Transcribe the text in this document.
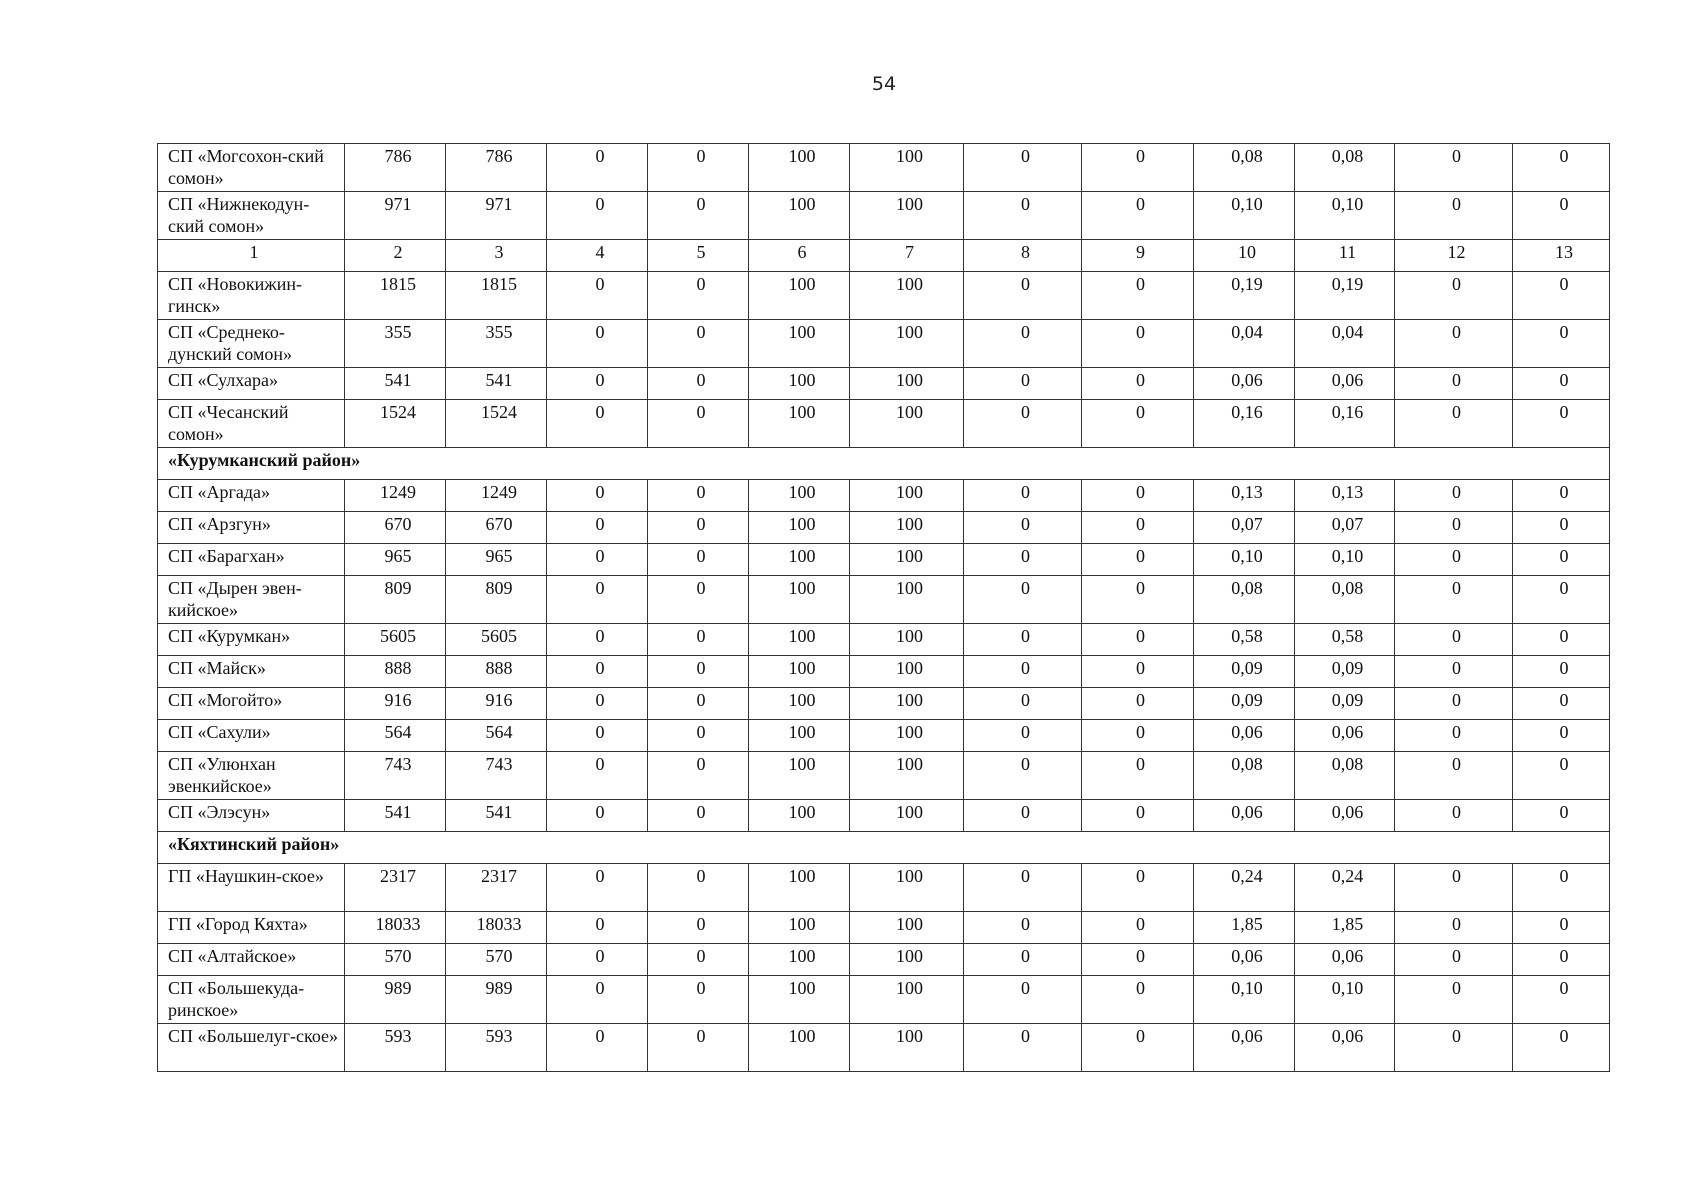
54
СП «Могсохон-ский сомон»	786	786	0	0	100	100	0	0	0,08	0,08	0	0
СП «Нижнекодун-ский сомон»	971	971	0	0	100	100	0	0	0,10	0,10	0	0
1	2	3	4	5	6	7	8	9	10	11	12	13
СП «Новокижин-гинск»	1815	1815	0	0	100	100	0	0	0,19	0,19	0	0
СП «Среднеко-дунский сомон»	355	355	0	0	100	100	0	0	0,04	0,04	0	0
СП «Сулхара»	541	541	0	0	100	100	0	0	0,06	0,06	0	0
СП «Чесанский сомон»	1524	1524	0	0	100	100	0	0	0,16	0,16	0	0
«Курумканский район»												
СП «Аргада»	1249	1249	0	0	100	100	0	0	0,13	0,13	0	0
СП «Арзгун»	670	670	0	0	100	100	0	0	0,07	0,07	0	0
СП «Барагхан»	965	965	0	0	100	100	0	0	0,10	0,10	0	0
СП «Дырен эвен-кийское»	809	809	0	0	100	100	0	0	0,08	0,08	0	0
СП «Курумкан»	5605	5605	0	0	100	100	0	0	0,58	0,58	0	0
СП «Майск»	888	888	0	0	100	100	0	0	0,09	0,09	0	0
СП «Могойто»	916	916	0	0	100	100	0	0	0,09	0,09	0	0
СП «Сахули»	564	564	0	0	100	100	0	0	0,06	0,06	0	0
СП «Улюнхан эвенкийское»	743	743	0	0	100	100	0	0	0,08	0,08	0	0
СП «Элэсун»	541	541	0	0	100	100	0	0	0,06	0,06	0	0
«Кяхтинский район»												
ГП «Наушкин-ское»	2317	2317	0	0	100	100	0	0	0,24	0,24	0	0
ГП «Город Кяхта»	18033	18033	0	0	100	100	0	0	1,85	1,85	0	0
СП «Алтайское»	570	570	0	0	100	100	0	0	0,06	0,06	0	0
СП «Большекуда-ринское»	989	989	0	0	100	100	0	0	0,10	0,10	0	0
СП «Большелуг-ское»	593	593	0	0	100	100	0	0	0,06	0,06	0	0
